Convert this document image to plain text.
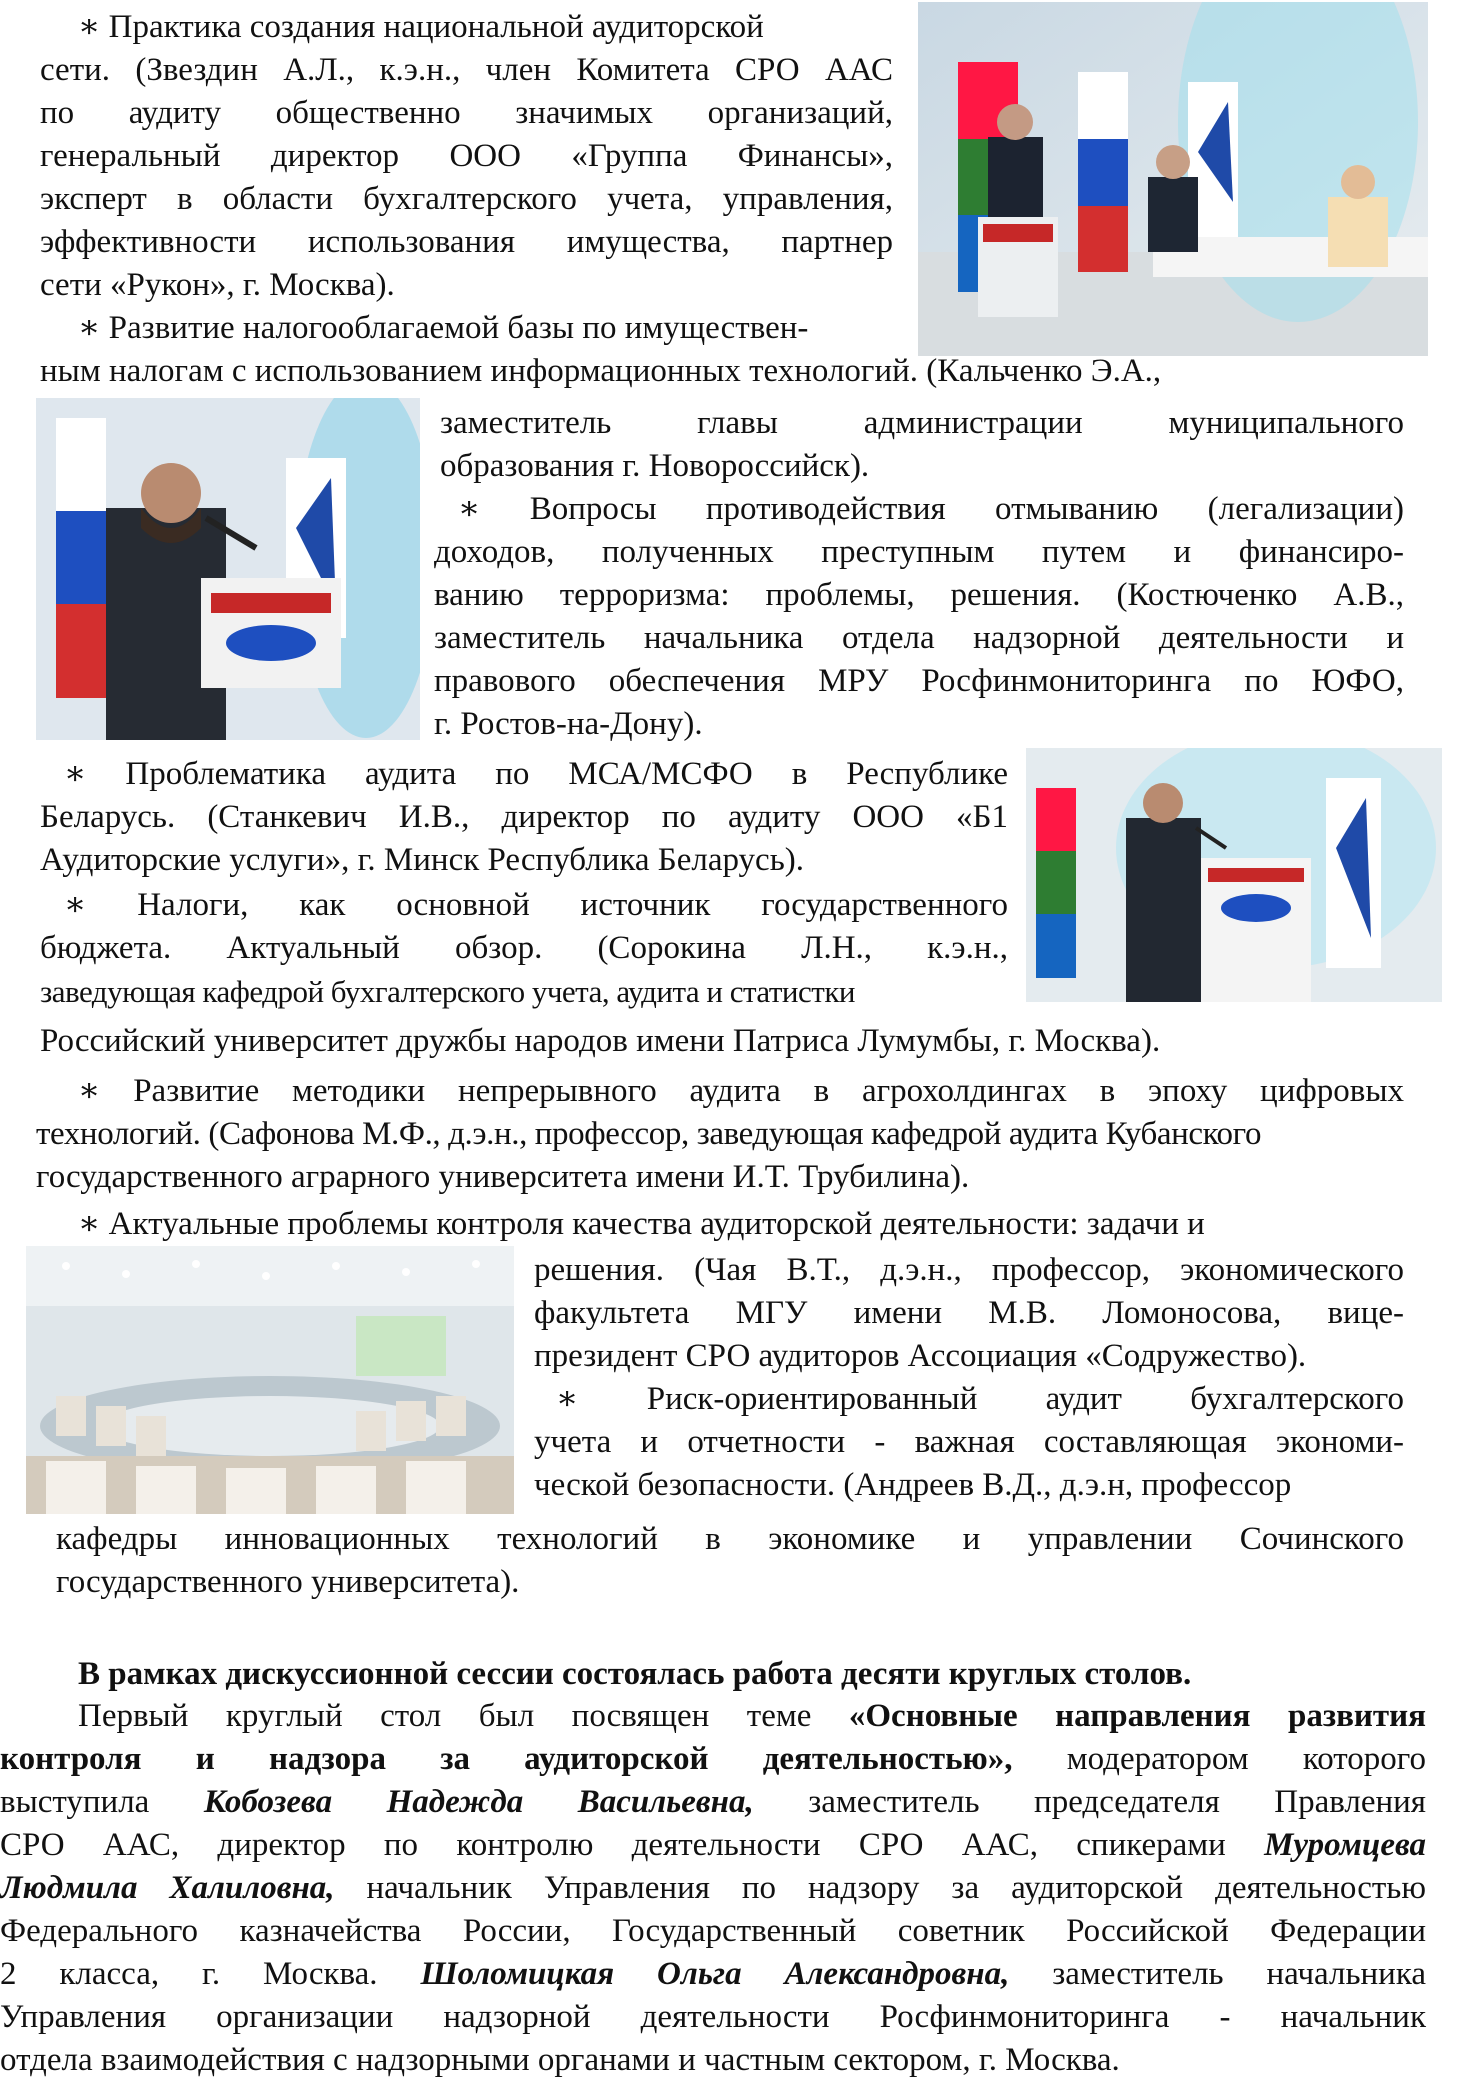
∗ Практика создания национальной аудиторской
сети. (Звездин А.Л., к.э.н., член Комитета СРО ААС
по аудиту общественно значимых организаций,
генеральный директор ООО «Группа Финансы»,
эксперт в области бухгалтерского учета, управления,
эффективности использования имущества, партнер
сети «Рукон», г. Москва).
∗ Развитие налогооблагаемой базы по имуществен-
ным налогам с использованием информационных технологий. (Кальченко Э.А.,
заместитель главы администрации муниципального
образования г. Новороссийск).
∗ Вопросы противодействия отмыванию (легализации)
доходов, полученных преступным путем и финансиро-
ванию терроризма: проблемы, решения. (Костюченко А.В.,
заместитель начальника отдела надзорной деятельности и
правового обеспечения МРУ Росфинмониторинга по ЮФО,
г. Ростов-на-Дону).
∗ Проблематика аудита по МСА/МСФО в Республике
Беларусь. (Станкевич И.В., директор по аудиту ООО «Б1
Аудиторские услуги», г. Минск Республика Беларусь).
∗ Налоги, как основной источник государственного
бюджета. Актуальный обзор. (Сорокина Л.Н., к.э.н.,
заведующая кафедрой бухгалтерского учета, аудита и статистки
Российский университет дружбы народов имени Патриса Лумумбы, г. Москва).
∗ Развитие методики непрерывного аудита в агрохолдингах в эпоху цифровых
технологий. (Сафонова М.Ф., д.э.н., профессор, заведующая кафедрой аудита Кубанского
государственного аграрного университета имени И.Т. Трубилина).
∗ Актуальные проблемы контроля качества аудиторской деятельности: задачи и
решения. (Чая В.Т., д.э.н., профессор, экономического
факультета МГУ имени М.В. Ломоносова, вице-
президент СРО аудиторов Ассоциация «Содружество).
∗ Риск-ориентированный аудит бухгалтерского
учета и отчетности - важная составляющая экономи-
ческой безопасности. (Андреев В.Д., д.э.н, профессор
кафедры инновационных технологий в экономике и управлении Сочинского
государственного университета).
В рамках дискуссионной сессии состоялась работа десяти круглых столов.
Первый круглый стол был посвящен теме «Основные направления развития
контроля и надзора за аудиторской деятельностью», модератором которого
выступила Кобозева Надежда Васильевна, заместитель председателя Правления
СРО ААС, директор по контролю деятельности СРО ААС, спикерами Муромцева
Людмила Халиловна, начальник Управления по надзору за аудиторской деятельностью
Федерального казначейства России, Государственный советник Российской Федерации
2 класса, г. Москва. Шоломицкая Ольга Александровна, заместитель начальника
Управления организации надзорной деятельности Росфинмониторинга - начальник
отдела взаимодействия с надзорными органами и частным сектором, г. Москва.
